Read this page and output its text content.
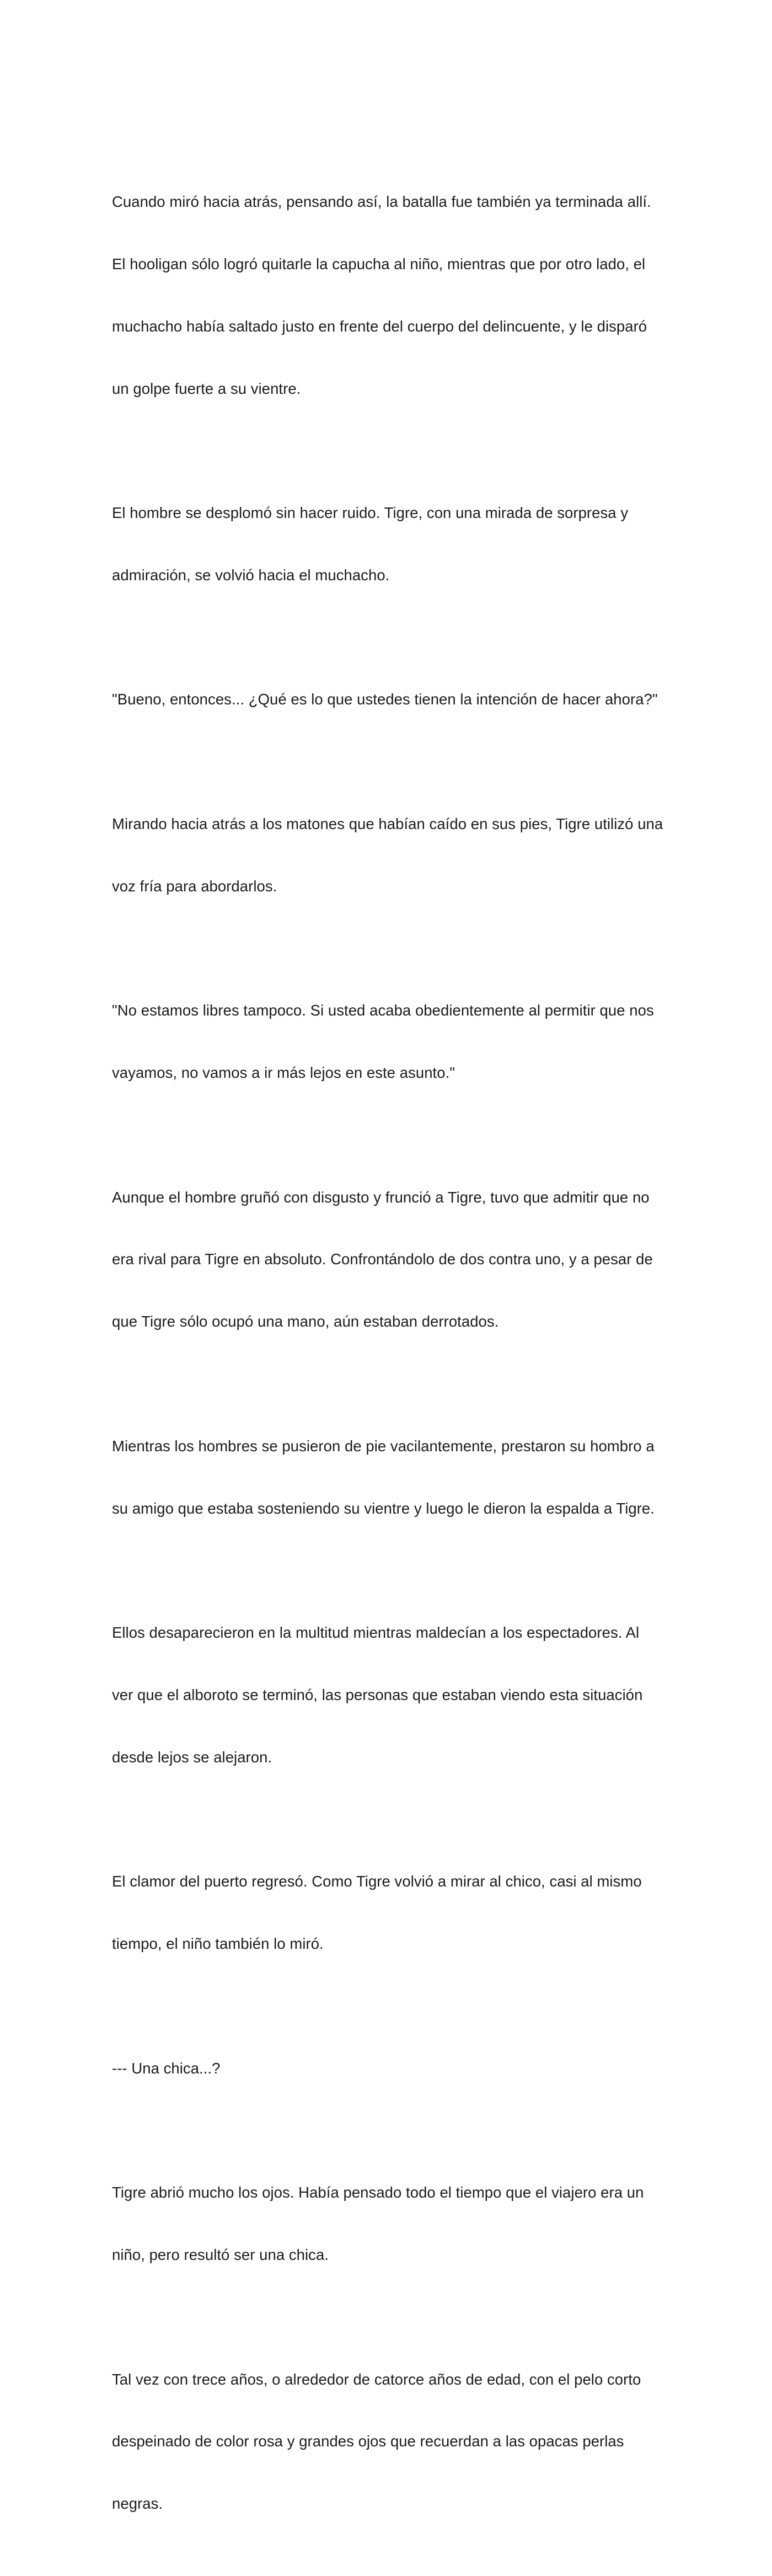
Cuando miró hacia atrás, pensando así, la batalla fue también ya terminada allí.

El hooligan sólo logró quitarle la capucha al niño, mientras que por otro lado, el

muchacho había saltado justo en frente del cuerpo del delincuente, y le disparó

un golpe fuerte a su vientre.

El hombre se desplomó sin hacer ruido. Tigre, con una mirada de sorpresa y

admiración, se volvió hacia el muchacho.

"Bueno, entonces... ¿Qué es lo que ustedes tienen la intención de hacer ahora?"

Mirando hacia atrás a los matones que habían caído en sus pies, Tigre utilizó una

voz fría para abordarlos.

"No estamos libres tampoco. Si usted acaba obedientemente al permitir que nos

vayamos, no vamos a ir más lejos en este asunto."

Aunque el hombre gruñó con disgusto y frunció a Tigre, tuvo que admitir que no

era rival para Tigre en absoluto. Confrontándolo de dos contra uno, y a pesar de

que Tigre sólo ocupó una mano, aún estaban derrotados.

Mientras los hombres se pusieron de pie vacilantemente, prestaron su hombro a

su amigo que estaba sosteniendo su vientre y luego le dieron la espalda a Tigre.

Ellos desaparecieron en la multitud mientras maldecían a los espectadores. Al

ver que el alboroto se terminó, las personas que estaban viendo esta situación

desde lejos se alejaron.

El clamor del puerto regresó. Como Tigre volvió a mirar al chico, casi al mismo

tiempo, el niño también lo miró.

--- Una chica...?

Tigre abrió mucho los ojos. Había pensado todo el tiempo que el viajero era un

niño, pero resultó ser una chica.

Tal vez con trece años, o alrededor de catorce años de edad, con el pelo corto

despeinado de color rosa y grandes ojos que recuerdan a las opacas perlas

negras.
